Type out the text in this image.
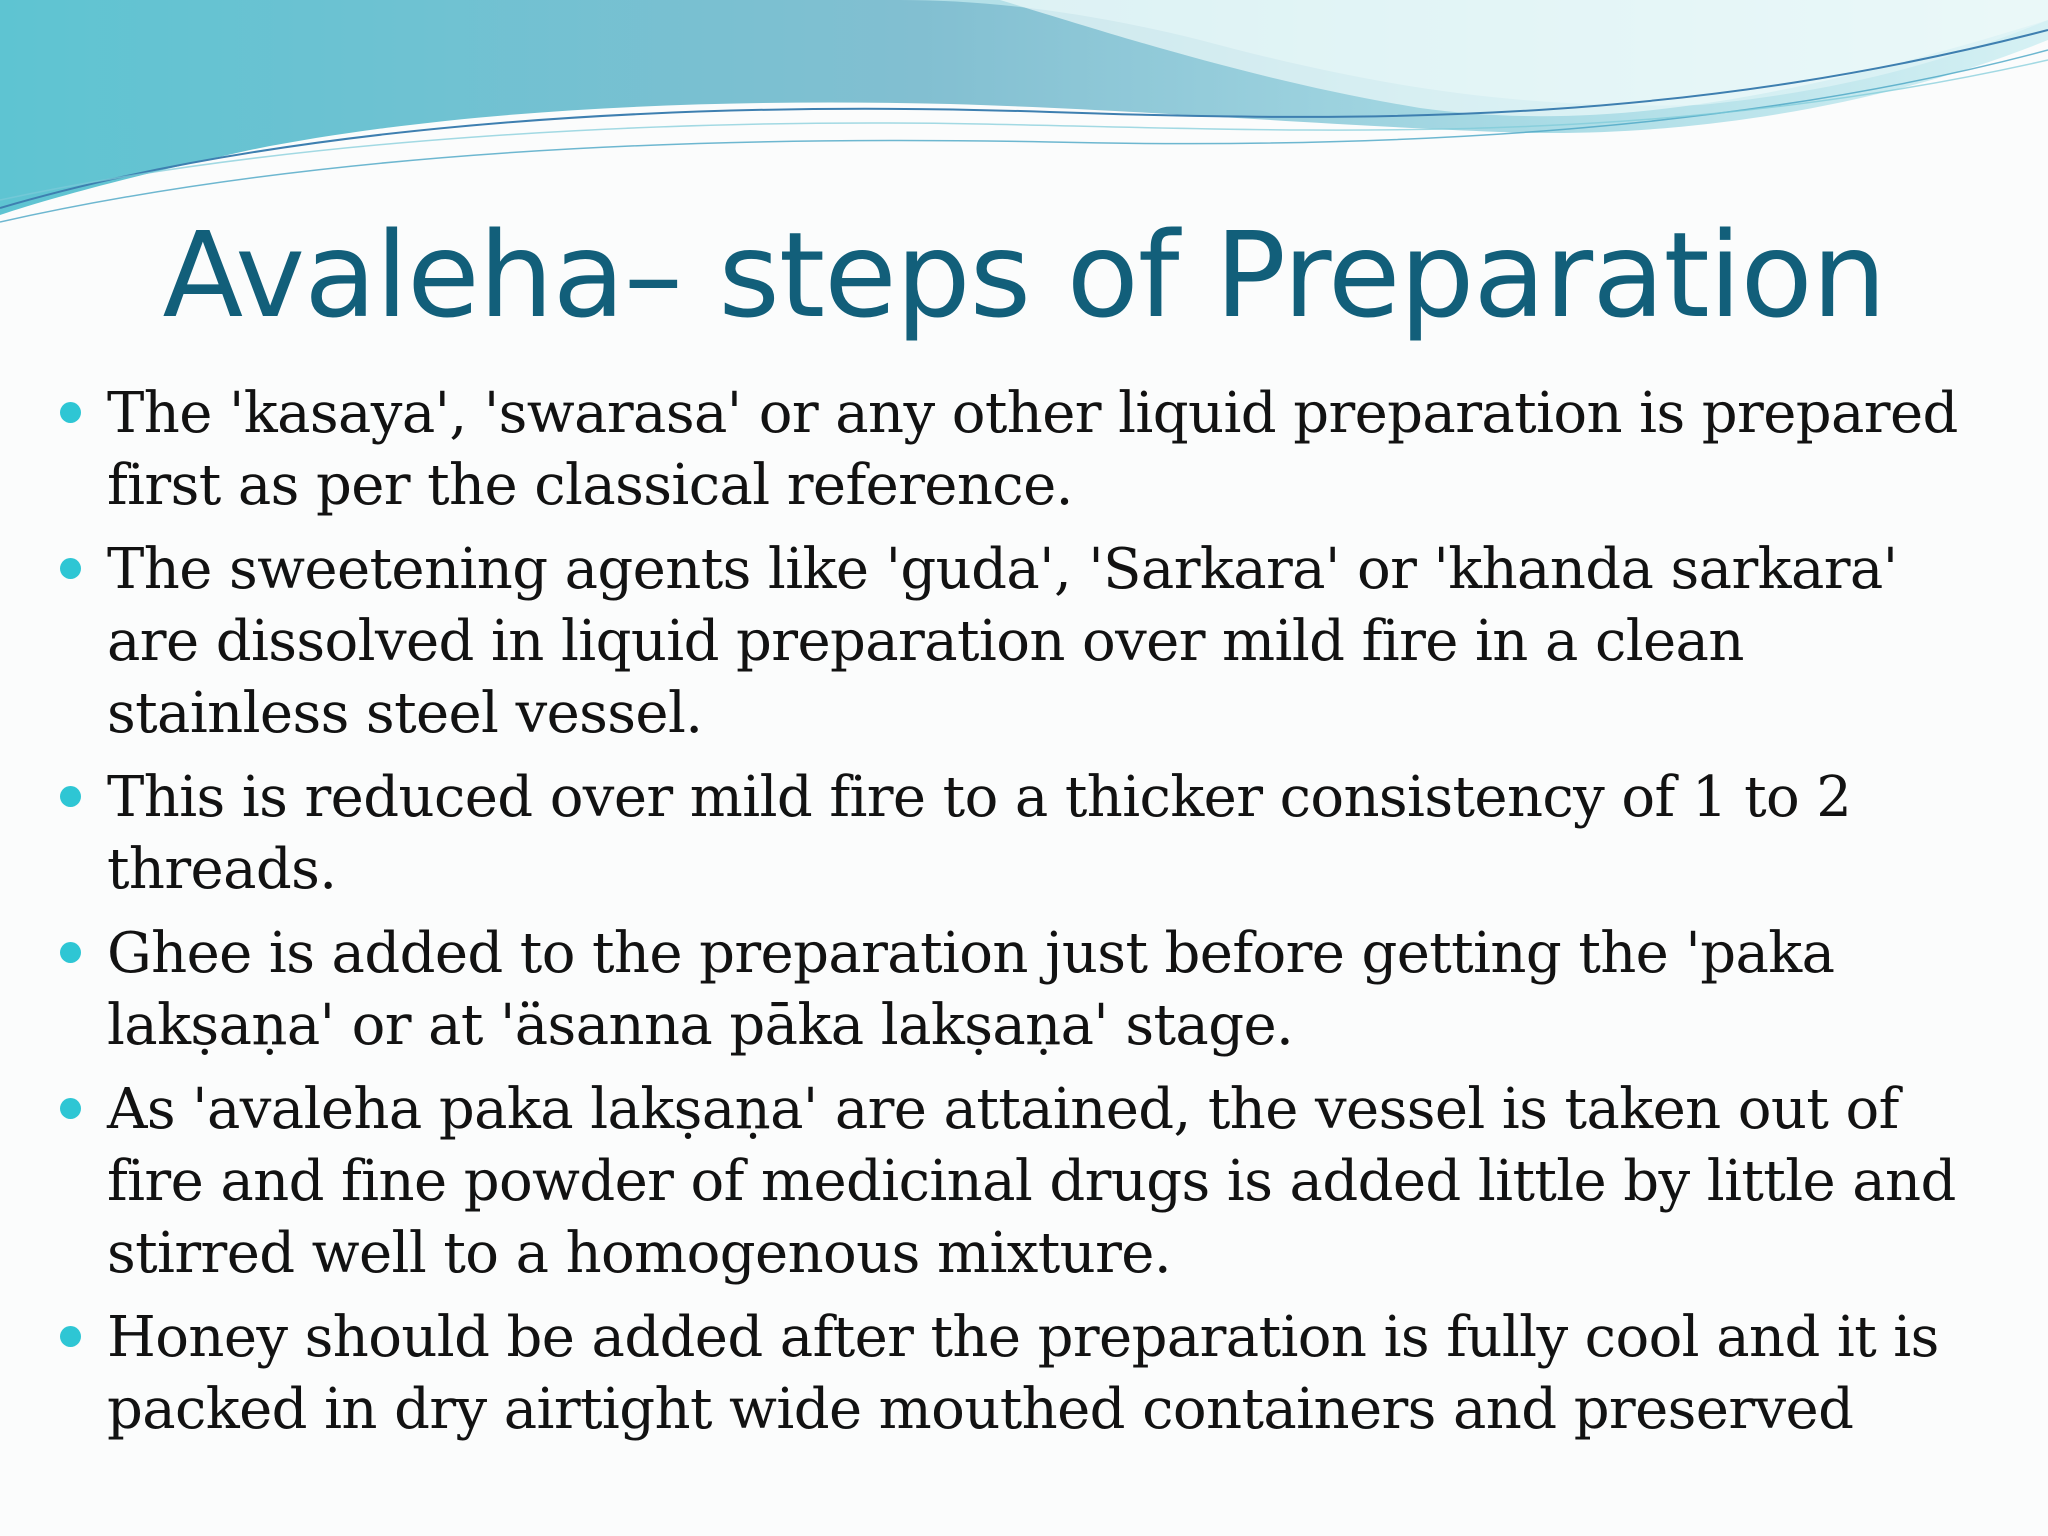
Avaleha– steps of Preparation
The 'kasaya', 'swarasa' or any other liquid preparation is prepared first as per the classical reference.
The sweetening agents like 'guda', 'Sarkara' or 'khanda sarkara' are dissolved in liquid preparation over mild fire in a clean stainless steel vessel.
This is reduced over mild fire to a thicker consistency of 1 to 2 threads.
Ghee is added to the preparation just before getting the 'paka lakṣaṇa' or at 'äsanna pāka lakṣaṇa' stage.
As 'avaleha paka lakṣaṇa' are attained, the vessel is taken out of fire and fine powder of medicinal drugs is added little by little and stirred well to a homogenous mixture.
Honey should be added after the preparation is fully cool and it is packed in dry airtight wide mouthed containers and preserved
